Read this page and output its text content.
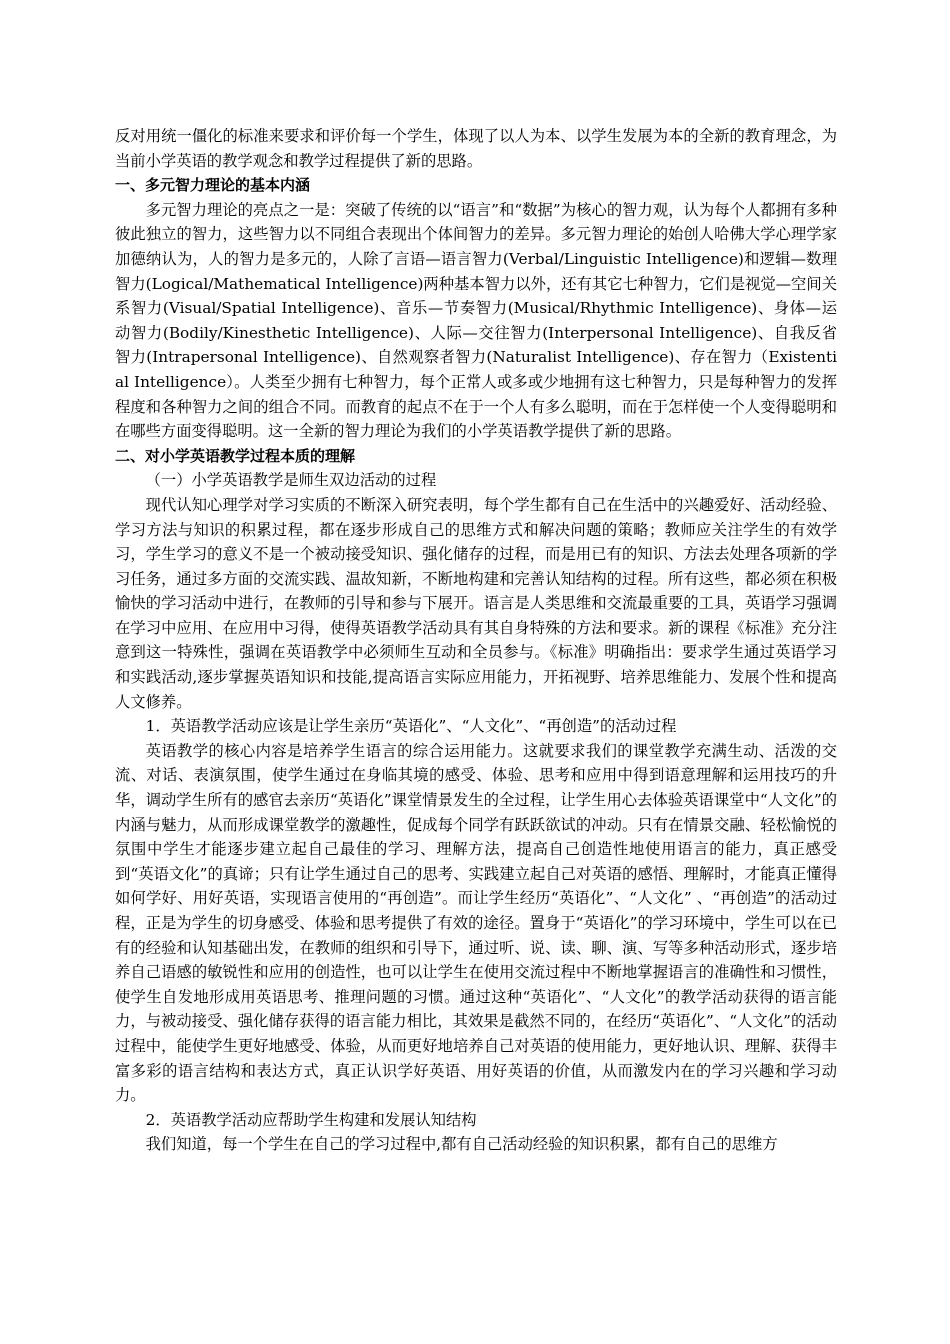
反对用统一僵化的标准来要求和评价每一个学生，体现了以人为本、以学生发展为本的全新的教育理念，为当前小学英语的教学观念和教学过程提供了新的思路。

一、多元智力理论的基本内涵

多元智力理论的亮点之一是：突破了传统的以“语言”和“数据”为核心的智力观，认为每个人都拥有多种彼此独立的智力，这些智力以不同组合表现出个体间智力的差异。多元智力理论的始创人哈佛大学心理学家加德纳认为，人的智力是多元的，人除了言语—语言智力(Verbal/Linguistic Intelligence)和逻辑—数理智力(Logical/Mathematical Intelligence)两种基本智力以外，还有其它七种智力，它们是视觉—空间关系智力(Visual/Spatial Intelligence)、音乐—节奏智力(Musical/Rhythmic Intelligence)、身体—运动智力(Bodily/Kinesthetic Intelligence)、人际—交往智力(Interpersonal Intelligence)、自我反省智力(Intrapersonal Intelligence)、自然观察者智力(Naturalist Intelligence)、存在智力（Existential Intelligence）。人类至少拥有七种智力，每个正常人或多或少地拥有这七种智力，只是每种智力的发挥程度和各种智力之间的组合不同。而教育的起点不在于一个人有多么聪明，而在于怎样使一个人变得聪明和在哪些方面变得聪明。这一全新的智力理论为我们的小学英语教学提供了新的思路。

二、对小学英语教学过程本质的理解

（一）小学英语教学是师生双边活动的过程

现代认知心理学对学习实质的不断深入研究表明，每个学生都有自己在生活中的兴趣爱好、活动经验、学习方法与知识的积累过程，都在逐步形成自己的思维方式和解决问题的策略；教师应关注学生的有效学习，学生学习的意义不是一个被动接受知识、强化储存的过程，而是用已有的知识、方法去处理各项新的学习任务，通过多方面的交流实践、温故知新，不断地构建和完善认知结构的过程。所有这些，都必须在积极愉快的学习活动中进行，在教师的引导和参与下展开。语言是人类思维和交流最重要的工具，英语学习强调在学习中应用、在应用中习得，使得英语教学活动具有其自身特殊的方法和要求。新的课程《标准》充分注意到这一特殊性，强调在英语教学中必须师生互动和全员参与。《标准》明确指出：要求学生通过英语学习和实践活动,逐步掌握英语知识和技能,提高语言实际应用能力，开拓视野、培养思维能力、发展个性和提高人文修养。

1．英语教学活动应该是让学生亲历“英语化”、“人文化”、“再创造”的活动过程

英语教学的核心内容是培养学生语言的综合运用能力。这就要求我们的课堂教学充满生动、活泼的交流、对话、表演氛围，使学生通过在身临其境的感受、体验、思考和应用中得到语意理解和运用技巧的升华，调动学生所有的感官去亲历“英语化”课堂情景发生的全过程，让学生用心去体验英语课堂中“人文化”的内涵与魅力，从而形成课堂教学的激趣性，促成每个同学有跃跃欲试的冲动。只有在情景交融、轻松愉悦的氛围中学生才能逐步建立起自己最佳的学习、理解方法，提高自己创造性地使用语言的能力，真正感受到“英语文化”的真谛；只有让学生通过自己的思考、实践建立起自己对英语的感悟、理解时，才能真正懂得如何学好、用好英语，实现语言使用的“再创造”。而让学生经历“英语化”、“人文化” 、“再创造”的活动过程，正是为学生的切身感受、体验和思考提供了有效的途径。置身于“英语化”的学习环境中，学生可以在已有的经验和认知基础出发，在教师的组织和引导下，通过听、说、读、聊、演、写等多种活动形式，逐步培养自己语感的敏锐性和应用的创造性，也可以让学生在使用交流过程中不断地掌握语言的准确性和习惯性，使学生自发地形成用英语思考、推理问题的习惯。通过这种“英语化”、“人文化”的教学活动获得的语言能力，与被动接受、强化储存获得的语言能力相比，其效果是截然不同的，在经历“英语化”、“人文化”的活动过程中，能使学生更好地感受、体验，从而更好地培养自己对英语的使用能力，更好地认识、理解、获得丰富多彩的语言结构和表达方式，真正认识学好英语、用好英语的价值，从而激发内在的学习兴趣和学习动力。

2．英语教学活动应帮助学生构建和发展认知结构

我们知道，每一个学生在自己的学习过程中,都有自己活动经验的知识积累，都有自己的思维方
